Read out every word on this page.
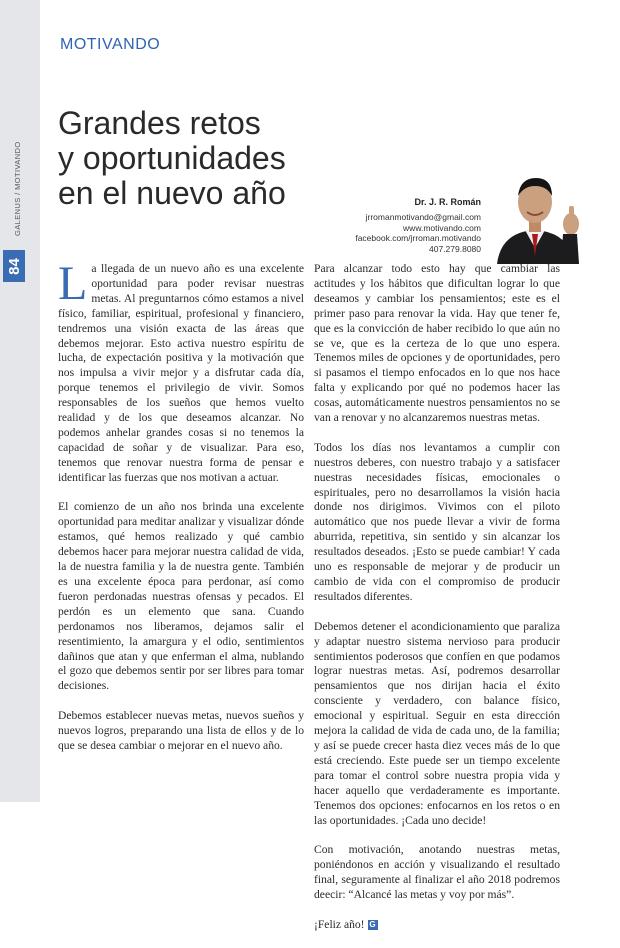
GALENUS / MOTIVANDO
84
MOTIVANDO
Grandes retos
y oportunidades
en el nuevo año	Dr. J. R. Román
jrromanmotivando@gmail.com
www.motivando.com
facebook.com/jrroman.motivando
407.279.8080

La llegada de un nuevo año es una excelente oportunidad para poder revisar nuestras metas. Al preguntarnos cómo estamos a nivel físico, familiar, espiritual, profesional y financiero, tendremos una visión exacta de las áreas que debemos mejorar. Esto activa nuestro espíritu de lucha, de expectación positiva y la motivación que nos impulsa a vivir mejor y a disfrutar cada día, porque tenemos el privilegio de vivir. Somos responsables de los sueños que hemos vuelto realidad y de los que deseamos alcanzar. No podemos anhelar grandes cosas si no tenemos la capacidad de soñar y de visualizar. Para eso, tenemos que renovar nuestra forma de pensar e identificar las fuerzas que nos motivan a actuar.

El comienzo de un año nos brinda una excelente oportunidad para meditar analizar y visualizar dónde estamos, qué hemos realizado y qué cambio debemos hacer para mejorar nuestra calidad de vida, la de nuestra familia y la de nuestra gente. También es una excelente época para perdonar, así como fueron perdonadas nuestras ofensas y pecados. El perdón es un elemento que sana. Cuando perdonamos nos liberamos, dejamos salir el resentimiento, la amargura y el odio, sentimientos dañinos que atan y que enferman el alma, nublando el gozo que debemos sentir por ser libres para tomar decisiones.

Debemos establecer nuevas metas, nuevos sueños y nuevos logros, preparando una lista de ellos y de lo que se desea cambiar o mejorar en el nuevo año.

Para alcanzar todo esto hay que cambiar las actitudes y los hábitos que dificultan lograr lo que deseamos y cambiar los pensamientos; este es el primer paso para renovar la vida. Hay que tener fe, que es la convicción de haber recibido lo que aún no se ve, que es la certeza de lo que uno espera. Tenemos miles de opciones y de oportunidades, pero si pasamos el tiempo enfocados en lo que nos hace falta y explicando por qué no podemos hacer las cosas, automáticamente nuestros pensamientos no se van a renovar y no alcanzaremos nuestras metas.

Todos los días nos levantamos a cumplir con nuestros deberes, con nuestro trabajo y a satisfacer nuestras necesidades físicas, emocionales o espirituales, pero no desarrollamos la visión hacia donde nos dirigimos. Vivimos con el piloto automático que nos puede llevar a vivir de forma aburrida, repetitiva, sin sentido y sin alcanzar los resultados deseados. ¡Esto se puede cambiar! Y cada uno es responsable de mejorar y de producir un cambio de vida con el compromiso de producir resultados diferentes.

Debemos detener el acondicionamiento que paraliza y adaptar nuestro sistema nervioso para producir sentimientos poderosos que confíen en que podamos lograr nuestras metas. Así, podremos desarrollar pensamientos que nos dirijan hacia el éxito consciente y verdadero, con balance físico, emocional y espiritual. Seguir en esta dirección mejora la calidad de vida de cada uno, de la familia; y así se puede crecer hasta diez veces más de lo que está creciendo. Este puede ser un tiempo excelente para tomar el control sobre nuestra propia vida y hacer aquello que verdaderamente es importante. Tenemos dos opciones: enfocarnos en los retos o en las oportunidades. ¡Cada uno decide!

Con motivación, anotando nuestras metas, poniéndonos en acción y visualizando el resultado final, seguramente al finalizar el año 2018 podremos deecir: “Alcancé las metas y voy por más”.

¡Feliz año! G
